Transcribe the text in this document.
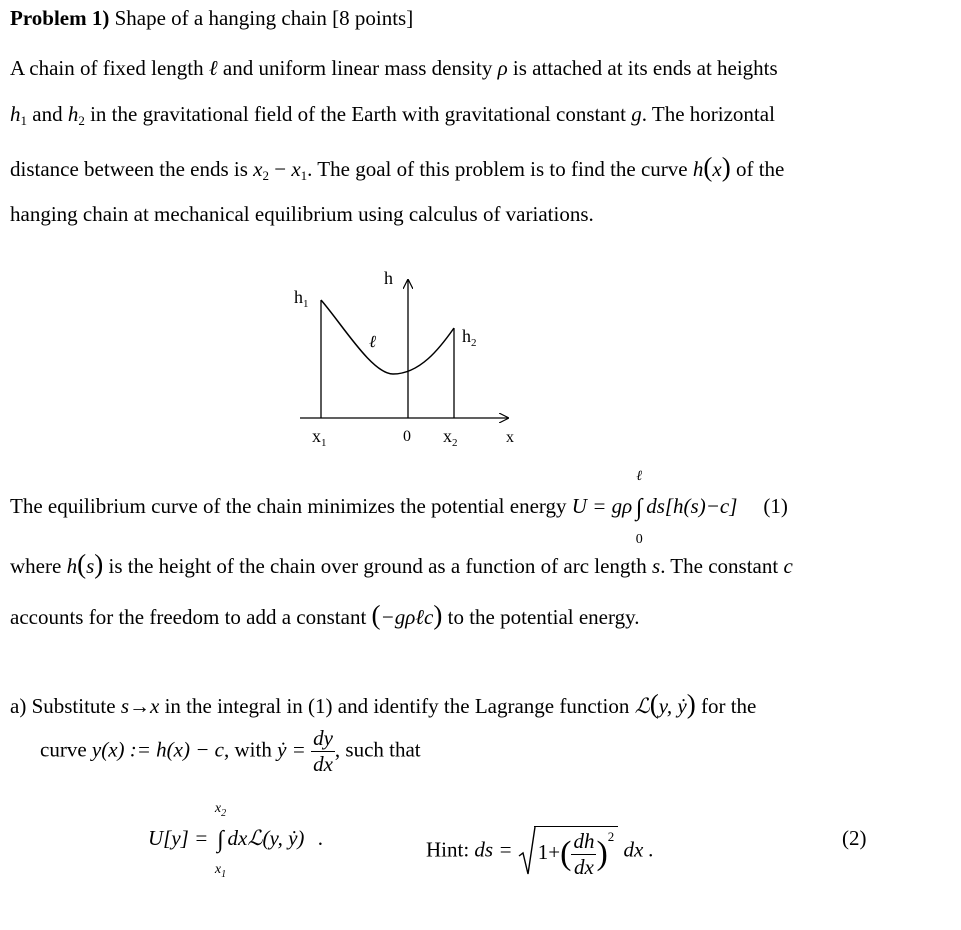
Problem 1) Shape of a hanging chain [8 points]
A chain of fixed length ℓ and uniform linear mass density ρ is attached at its ends at heights
$h_1$ and $h_2$ in the gravitational field of the Earth with gravitational constant g. The horizontal
distance between the ends is $x_2 - x_1$. The goal of this problem is to find the curve h(x) of the
hanging chain at mechanical equilibrium using calculus of variations.
$h_1$
h
ℓ	$h_2$
$x_1$	0 $x_2$	x
The equilibrium curve of the chain minimizes the potential energy U = gρ
ℓ
∫
0
ds[h(s)−c] (1)
where h(s) is the height of the chain over ground as a function of arc length s. The constant c
accounts for the freedom to add a constant (−gρℓc) to the potential energy.
a) Substitute s→x in the integral in (1) and identify the Lagrange function ℒ(y, ẏ) for the
curve y(x) := h(x) − c, with ẏ = $\frac{dy}{dx}$ , such that
U[y] =
$x_2$
∫
$x_1$
dxℒ(y, ẏ) .	Hint: ds =
$1+( \frac{dh}{dx} )^2$ dx .	(2)
